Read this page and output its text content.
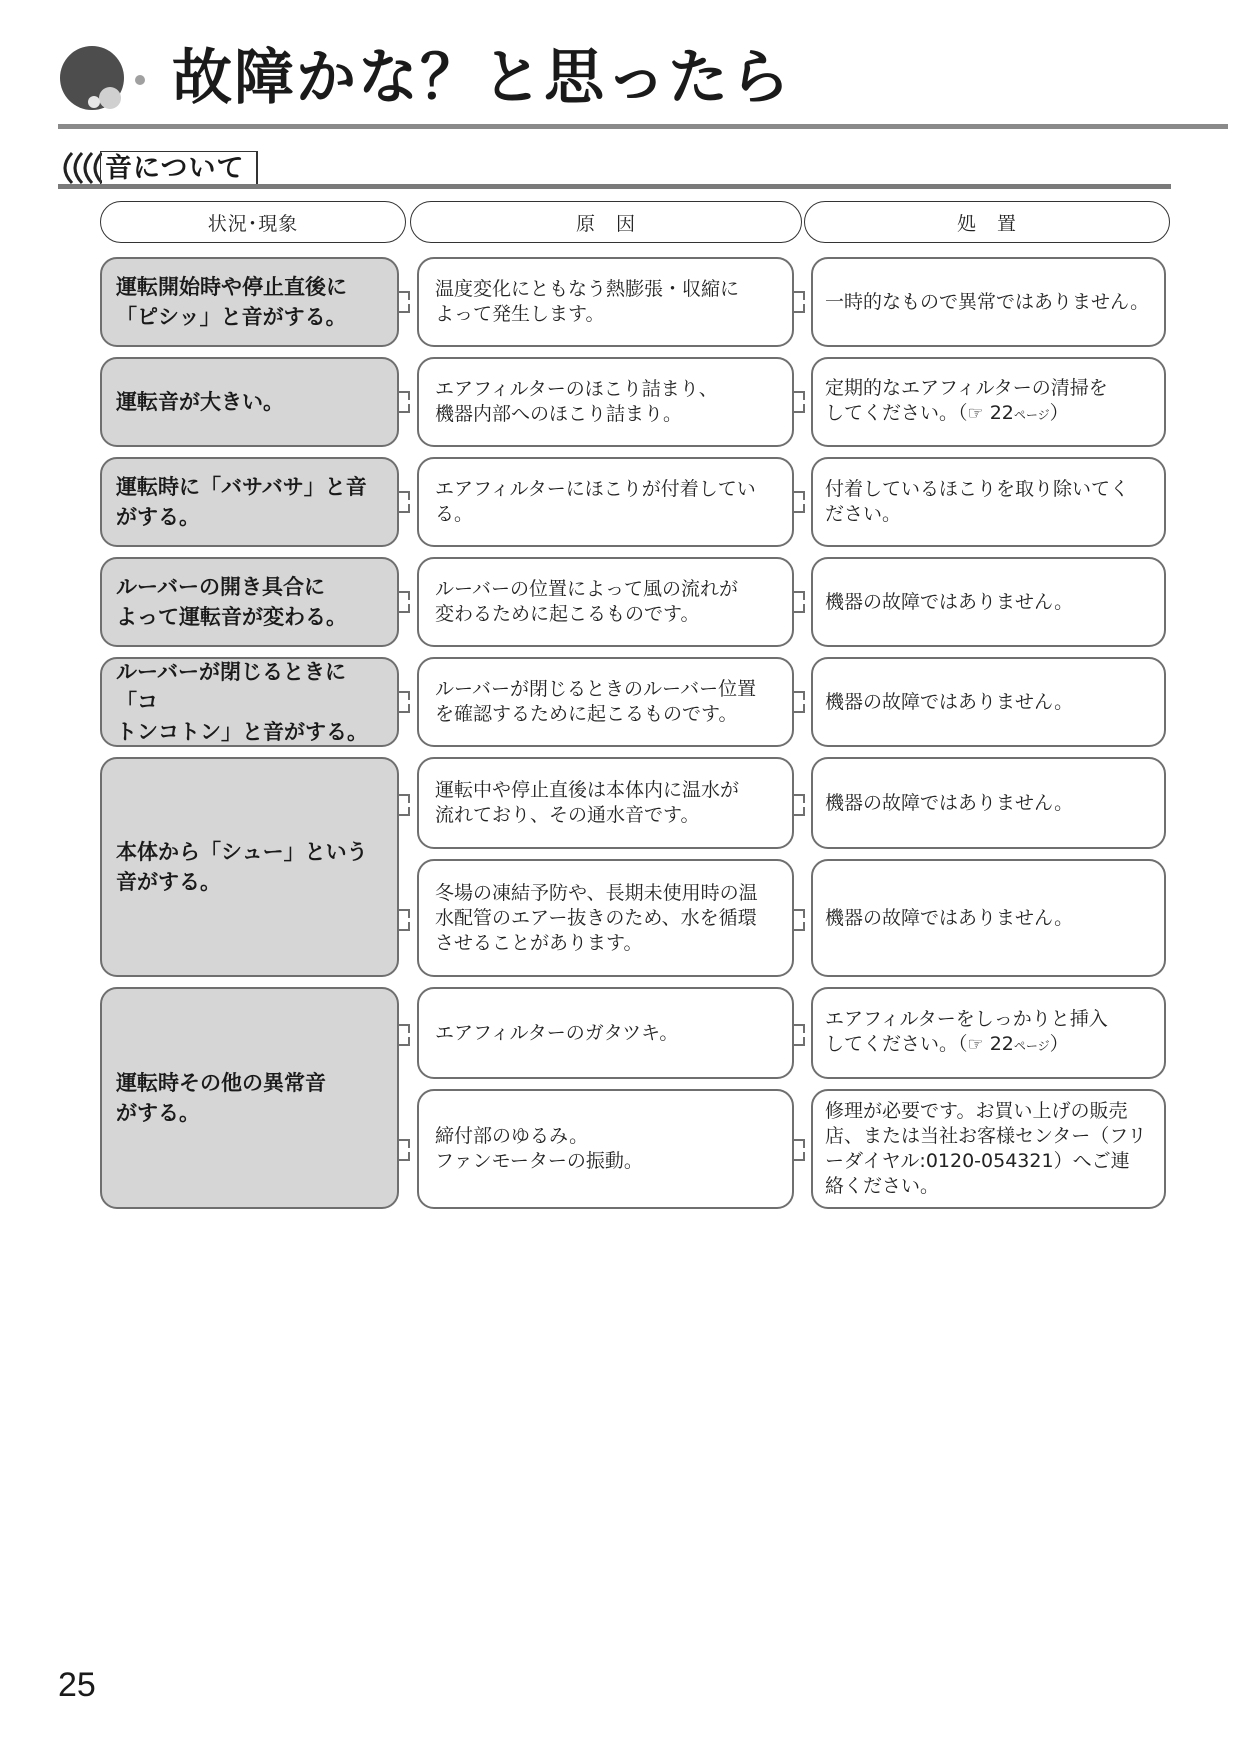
故障かな？と思ったら
音について
状況･現象	原　因	処　置
運転開始時や停止直後に
「ピシッ」と音がする。
温度変化にともなう熱膨張・収縮に
よって発生します。
一時的なもので異常ではありません。
運転音が大きい。
エアフィルターのほこり詰まり、
機器内部へのほこり詰まり。
定期的なエアフィルターの清掃を
してください。（☞ 22ページ）
運転時に「バサバサ」と音
がする。
エアフィルターにほこりが付着してい
る。
付着しているほこりを取り除いてく
ださい。
ルーバーの開き具合に
よって運転音が変わる。
ルーバーの位置によって風の流れが
変わるために起こるものです。
機器の故障ではありません。
ルーバーが閉じるときに「コ
トンコトン」と音がする。
ルーバーが閉じるときのルーバー位置
を確認するために起こるものです。
機器の故障ではありません。
本体から「シュー」という
音がする。
運転中や停止直後は本体内に温水が
流れており、その通水音です。
機器の故障ではありません。
冬場の凍結予防や、長期未使用時の温
水配管のエアー抜きのため、水を循環
させることがあります。
機器の故障ではありません。
運転時その他の異常音
がする。
エアフィルターのガタツキ。
エアフィルターをしっかりと挿入
してください。（☞ 22ページ）
締付部のゆるみ。
ファンモーターの振動。
修理が必要です。お買い上げの販売
店、または当社お客様センター（フリ
ーダイヤル:0120-054321）へご連
絡ください。
25
